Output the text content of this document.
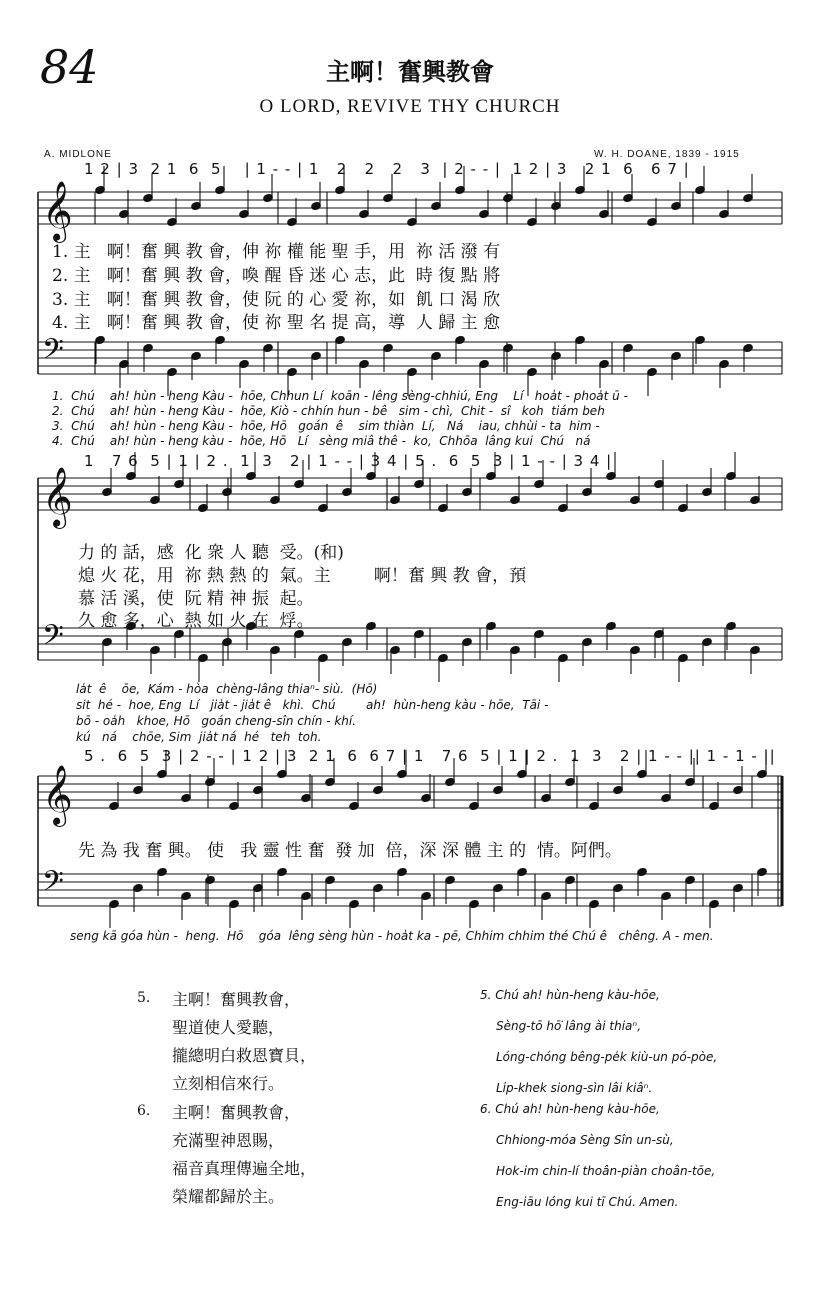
84	主啊！奮興教會
O LORD, REVIVE THY CHURCH
A. MIDLONE	W. H. DOANE, 1839 - 1915
1 2 | 3  2 1  6  5    | 1 - - | 1   2   2   2   3  | 2 - - |  1 2 | 3   2 1  6   6 7 |
1   7 6  5 | 1 | 2 .  1  3   2 | 1 - - | 3 4 | 5 .  6  5  3 | 1 - - | 3 4 |
5 .  6  5  3 | 2 - - | 1 2 | 3  2 1  6  6 7 | 1   7 6  5 | 1 | 2 .  1  3   2 | 1 - - || 1 - 1 - ||
𝄞
𝄢
𝄞
𝄢
𝄞
𝄢
1. 主   啊！奮 興 教 會，伸 祢 權 能 聖 手，用  祢 活 潑 有
2. 主   啊！奮 興 教 會，喚 醒 昏 迷 心 志，此  時 復 點 將
3. 主   啊！奮 興 教 會，使 阮 的 心 愛 祢，如  飢 口 渴 欣
4. 主   啊！奮 興 教 會，使 祢 聖 名 提 高，導  人 歸 主 愈
1.  Chú    ah! hùn - heng Kàu -  hōe, Chhun Lí  koān - lêng sèng-chhiú, Eng    Lí   hoa̍t - phoa̍t ū -
2.  Chú    ah! hùn - heng Kàu -  hōe, Kiò - chhín hun - bê   sim - chì,  Chit -  sî   koh  tiám beh
3.  Chú    ah! hùn - heng Kàu -  hōe, Hō   goán  ê    sim thiàn  Lí,   Ná    iau, chhùi - ta  him -
4.  Chú    ah! hùn - heng kàu -  hōe, Hō   Lí   sèng miâ thê -  ko,  Chhōa  lâng kui  Chú   ná
力 的 話，感  化 衆 人 聽  受。(和)
熄 火 花，用  祢 熱 熱 的  氣。主        啊！奮 興 教 會，預
慕 活 溪，使  阮 精 神 振  起。
久 愈 多，心  熱 如 火 在  烰。
la̍t  ê    ōe,  Kám - hòa  chèng-lâng thiaⁿ- siù.  (Hō)
sit  hé -  hoe, Eng  Lí   jia̍t - jia̍t ê   khì.  Chú        ah!  hùn-heng kàu - hōe,  Tāi -
bō - oa̍h   khoe, Hō   goán cheng-sîn chín - khí.
kú   ná    chōe, Sim  jia̍t ná  hé   teh  toh.
先 為 我 奮 興。 使   我 靈 性 奮  發 加  倍，深 深 體 主 的  情。阿們。
seng kā góa hùn -  heng.  Hō    góa  lêng sèng hùn - hoa̍t ka - pē, Chhim chhim thé Chú ê   chêng. A - men.
5. 主啊！奮興教會，
聖道使人愛聽，
攏總明白救恩寶貝，
立刻相信來行。
6. 主啊！奮興教會，
充滿聖神恩賜，
福音真理傳遍全地，
榮耀都歸於主。
5. Chú ah! hùn-heng kàu-hōe,
Sèng-tō hō͘ lâng ài thiaⁿ,
Lóng-chóng bêng-pe̍k kiù-un pó-pòe,
Li̍p-khek siong-sìn lâi kiâⁿ.
6. Chú ah! hùn-heng kàu-hōe,
Chhiong-móa Sèng Sîn un-sù,
Hok-im chin-lí thoân-piàn choân-tōe,
Eng-iāu lóng kui tī Chú. Amen.
